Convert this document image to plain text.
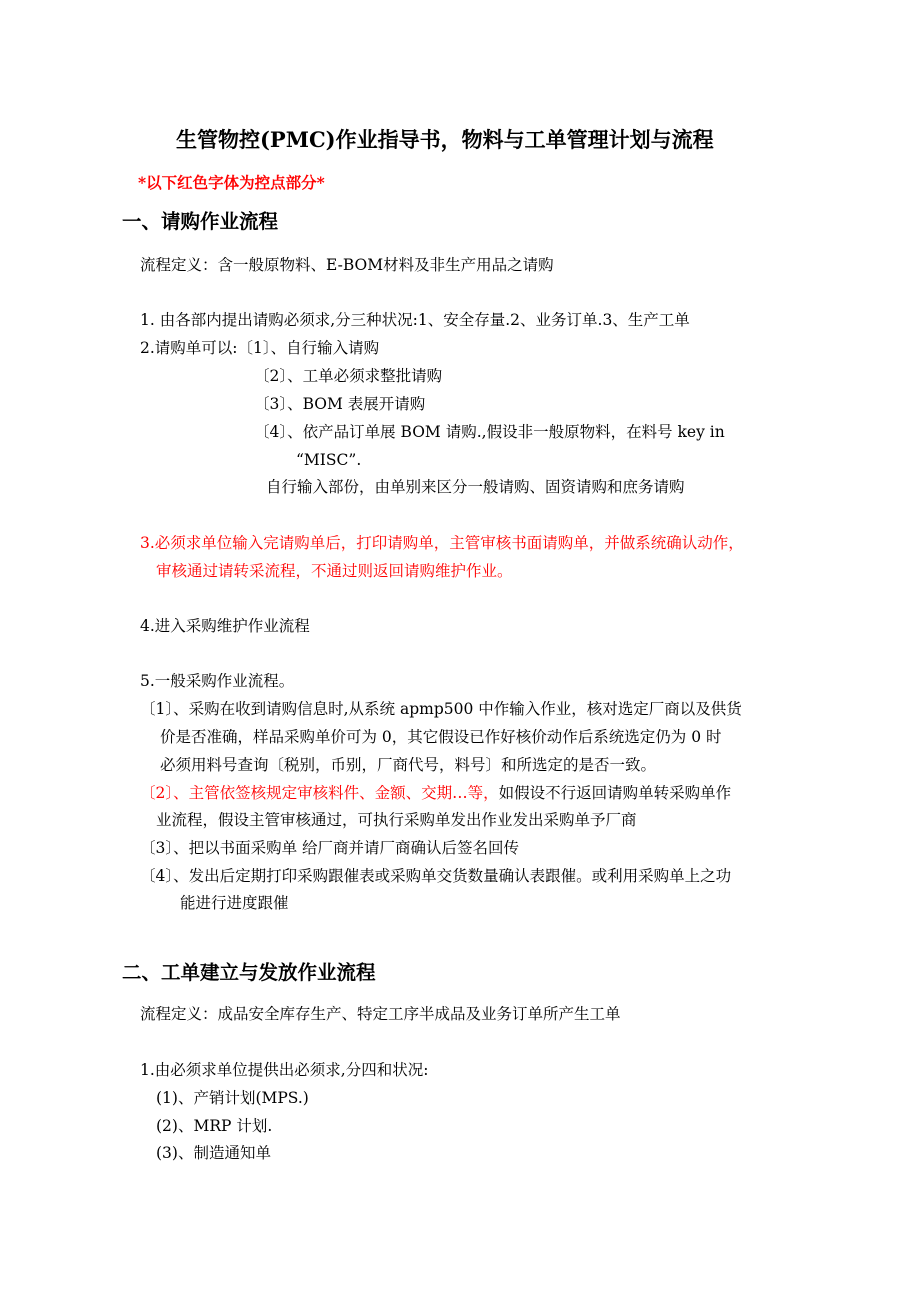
生管物控(PMC)作业指导书，物料与工单管理计划与流程
*以下红色字体为控点部分*
一、请购作业流程
流程定义：含一般原物料、E-BOM材料及非生产用品之请购
1. 由各部内提出请购必须求,分三种状况:1、安全存量.2、业务订单.3、生产工单
2.请购单可以:〔1〕、自行输入请购
〔2〕、工单必须求整批请购
〔3〕、BOM 表展开请购
〔4〕、依产品订单展 BOM 请购.,假设非一般原物料，在料号 key in
“MISC”.
自行输入部份，由单别来区分一般请购、固资请购和庶务请购
3.必须求单位输入完请购单后，打印请购单，主管审核书面请购单，并做系统确认动作，
审核通过请转采流程，不通过则返回请购维护作业。
4.进入采购维护作业流程
5.一般采购作业流程。
〔1〕、采购在收到请购信息时,从系统 apmp500 中作输入作业，核对选定厂商以及供货
价是否准确，样品采购单价可为 0，其它假设已作好核价动作后系统选定仍为 0 时
必须用料号查询〔税别，币别，厂商代号，料号〕和所选定的是否一致。
〔2〕、主管依签核规定审核料件、金额、交期…等，如假设不行返回请购单转采购单作
业流程，假设主管审核通过，可执行采购单发出作业发出采购单予厂商
〔3〕、把以书面采购单 给厂商并请厂商确认后签名回传
〔4〕、发出后定期打印采购跟催表或采购单交货数量确认表跟催。或利用采购单上之功
能进行进度跟催
二、工单建立与发放作业流程
流程定义：成品安全库存生产、特定工序半成品及业务订单所产生工单
1.由必须求单位提供出必须求,分四和状况:
(1)、产销计划(MPS.)
(2)、MRP 计划.
(3)、制造通知单
